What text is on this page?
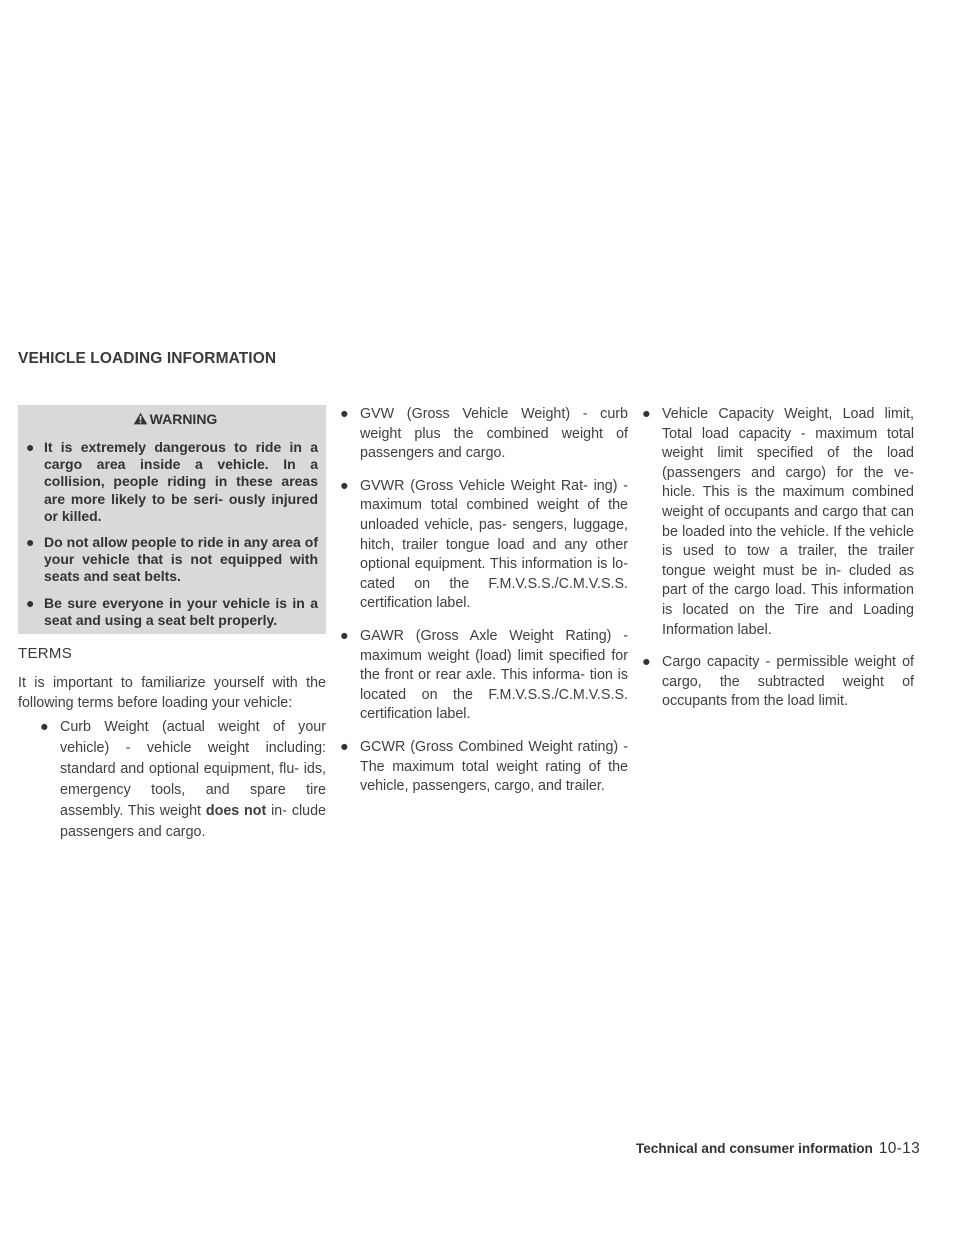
VEHICLE LOADING INFORMATION
WARNING
● It is extremely dangerous to ride in a cargo area inside a vehicle. In a collision, people riding in these areas are more likely to be seri- ously injured or killed.
● Do not allow people to ride in any area of your vehicle that is not equipped with seats and seat belts.
● Be sure everyone in your vehicle is in a seat and using a seat belt properly.
TERMS
It is important to familiarize yourself with the following terms before loading your vehicle:
● Curb Weight (actual weight of your vehicle) - vehicle weight including: standard and optional equipment, flu- ids, emergency tools, and spare tire assembly. This weight does not in- clude passengers and cargo.
● GVW (Gross Vehicle Weight) - curb weight plus the combined weight of passengers and cargo.
● GVWR (Gross Vehicle Weight Rat- ing) - maximum total combined weight of the unloaded vehicle, pas- sengers, luggage, hitch, trailer tongue load and any other optional equipment. This information is lo- cated on the F.M.V.S.S./C.M.V.S.S. certification label.
● GAWR (Gross Axle Weight Rating) - maximum weight (load) limit specified for the front or rear axle. This informa- tion is located on the F.M.V.S.S./C.M.V.S.S. certification label.
● GCWR (Gross Combined Weight rating) - The maximum total weight rating of the vehicle, passengers, cargo, and trailer.
● Vehicle Capacity Weight, Load limit, Total load capacity - maximum total weight limit specified of the load (passengers and cargo) for the ve- hicle. This is the maximum combined weight of occupants and cargo that can be loaded into the vehicle. If the vehicle is used to tow a trailer, the trailer tongue weight must be in- cluded as part of the cargo load. This information is located on the Tire and Loading Information label.
● Cargo capacity - permissible weight of cargo, the subtracted weight of occupants from the load limit.
Technical and consumer information 10-13
